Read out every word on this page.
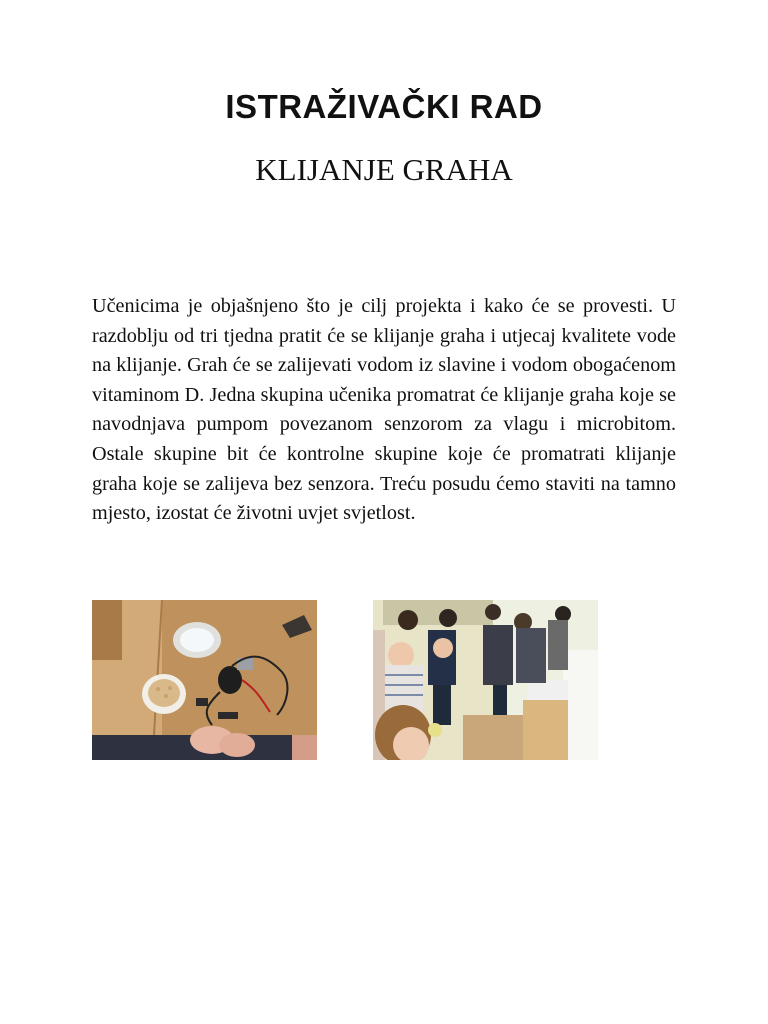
ISTRAŽIVAČKI RAD
KLIJANJE GRAHA

Učenicima je objašnjeno što je cilj projekta i kako će se provesti. U razdoblju od tri tjedna pratit će se klijanje graha i utjecaj kvalitete vode na klijanje. Grah će se zalijevati vodom iz slavine i vodom obogaćenom vitaminom D. Jedna skupina učenika promatrat će klijanje graha koje se navodnjava pumpom povezanom senzorom za vlagu i microbitom. Ostale skupine bit će kontrolne skupine koje će promatrati klijanje graha koje se zalijeva bez senzora. Treću posudu ćemo staviti na tamno mjesto, izostat će životni uvjet svjetlost.
